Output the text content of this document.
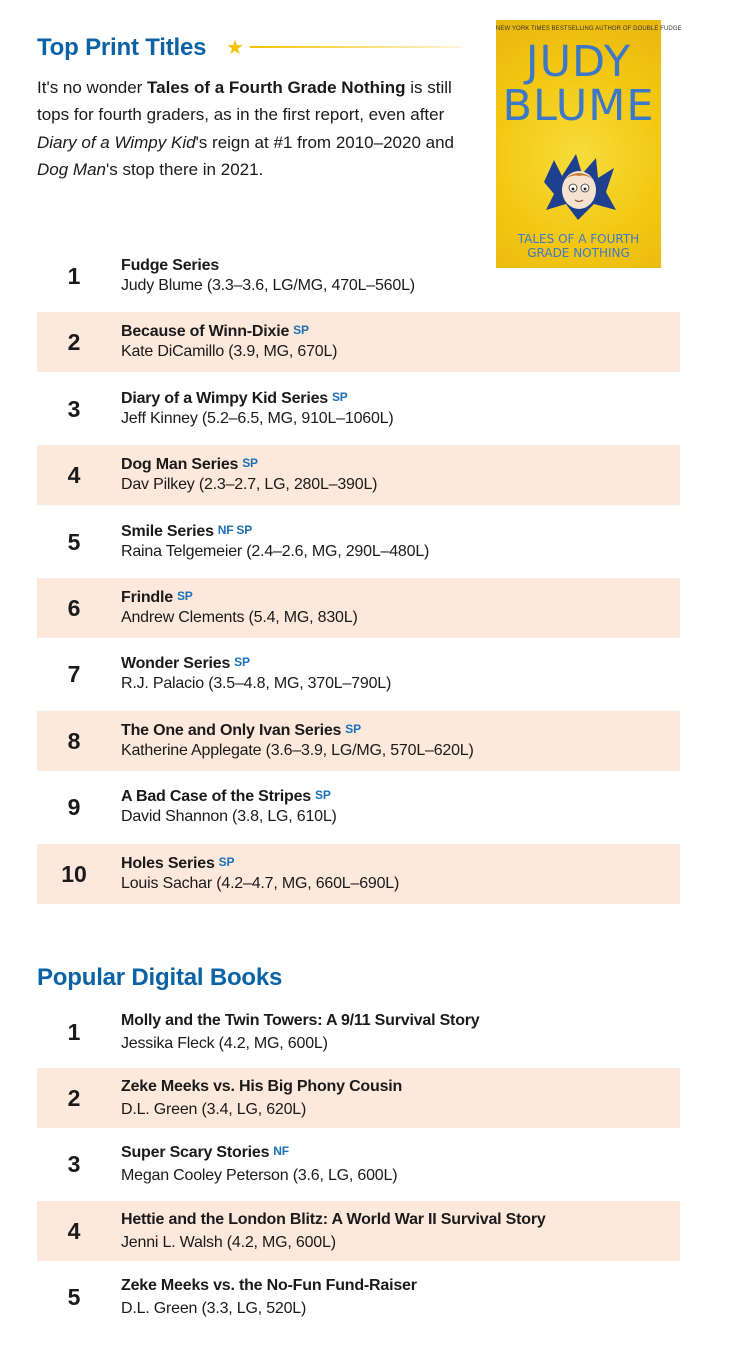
Top Print Titles ★

It's no wonder Tales of a Fourth Grade Nothing is still tops for fourth graders, as in the first report, even after Diary of a Wimpy Kid's reign at #1 from 2010–2020 and Dog Man's stop there in 2021.

NEW YORK TIMES BESTSELLING AUTHOR OF DOUBLE FUDGE
JUDY
BLUME
TALES OF A FOURTH
GRADE NOTHING
1	Fudge Series
Judy Blume (3.3–3.6, LG/MG, 470L–560L)
2	Because of Winn-Dixie SP
Kate DiCamillo (3.9, MG, 670L)
3	Diary of a Wimpy Kid Series SP
Jeff Kinney (5.2–6.5, MG, 910L–1060L)
4	Dog Man Series SP
Dav Pilkey (2.3–2.7, LG, 280L–390L)
5	Smile Series NF SP
Raina Telgemeier (2.4–2.6, MG, 290L–480L)
6	Frindle SP
Andrew Clements (5.4, MG, 830L)
7	Wonder Series SP
R.J. Palacio (3.5–4.8, MG, 370L–790L)
8	The One and Only Ivan Series SP
Katherine Applegate (3.6–3.9, LG/MG, 570L–620L)
9	A Bad Case of the Stripes SP
David Shannon (3.8, LG, 610L)
10	Holes Series SP
Louis Sachar (4.2–4.7, MG, 660L–690L)
Popular Digital Books
1	Molly and the Twin Towers: A 9/11 Survival Story
Jessika Fleck (4.2, MG, 600L)
2	Zeke Meeks vs. His Big Phony Cousin
D.L. Green (3.4, LG, 620L)
3	Super Scary Stories NF
Megan Cooley Peterson (3.6, LG, 600L)
4	Hettie and the London Blitz: A World War II Survival Story
Jenni L. Walsh (4.2, MG, 600L)
5	Zeke Meeks vs. the No-Fun Fund-Raiser
D.L. Green (3.3, LG, 520L)
